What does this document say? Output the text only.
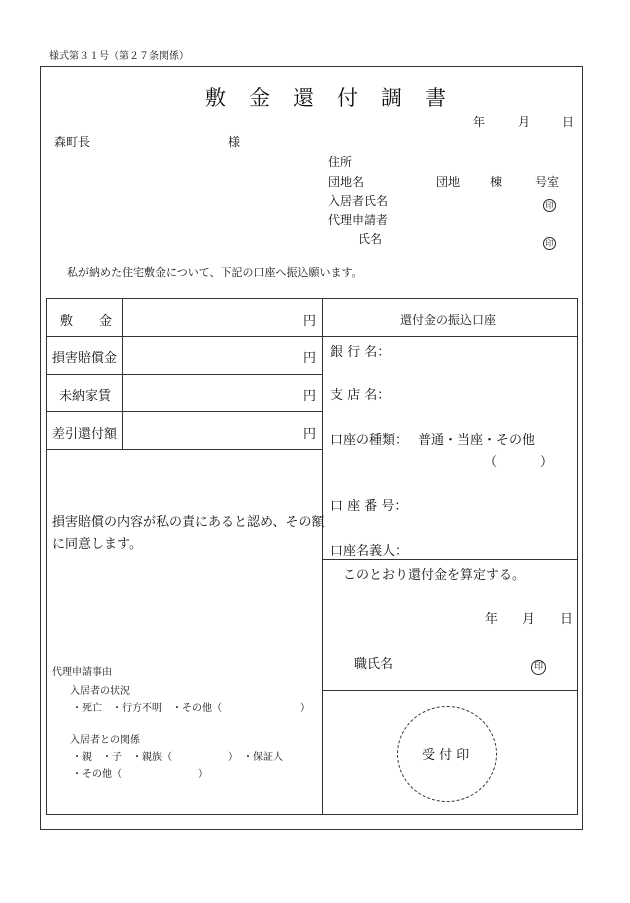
様式第３１号（第２７条関係）
敷　金　還　付　調　書
年	月	日
森町長	様
住所
団地名	団地 棟	号室
入居者氏名	印
代理申請者
氏名	印
私が納めた住宅敷金について、下記の口座へ振込願います。
敷　　金	円
損害賠償金	円
未納家賃	円
差引還付額	円
損害賠償の内容が私の責にあると認め、その額
に同意します。
代理申請事由
入居者の状況
・死亡　・行方不明　・その他（	）
入居者との関係
・親　・子　・親族（	）　・保証人
・その他（	）
還付金の振込口座
銀 行 名：
支 店 名：
口座の種類： 普通・当座・その他
（	）
口 座 番 号：
口座名義人：
このとおり還付金を算定する。
年 月 日
職氏名	印
受 付 印
